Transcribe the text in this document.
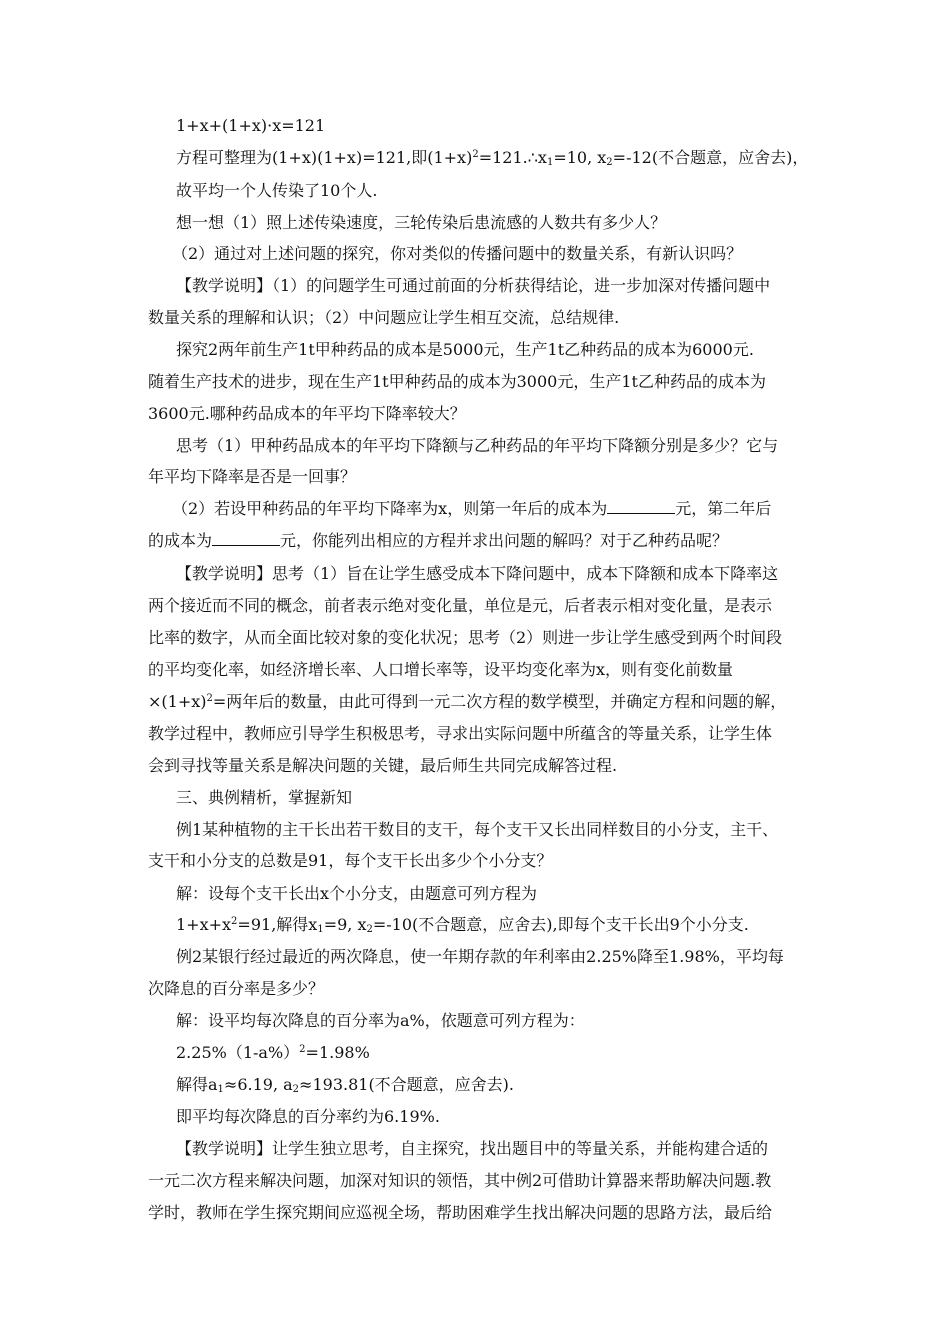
1+x+(1+x)·x=121
方程可整理为(1+x)(1+x)=121,即$(1+x)^2=121.\therefore x_1=10$, $x_2=-12$(不合题意，应舍去)，
故平均一个人传染了10个人.
想一想（1）照上述传染速度，三轮传染后患流感的人数共有多少人？
（2）通过对上述问题的探究，你对类似的传播问题中的数量关系，有新认识吗？
【教学说明】（1）的问题学生可通过前面的分析获得结论，进一步加深对传播问题中
数量关系的理解和认识；（2）中问题应让学生相互交流，总结规律.
探究2两年前生产1t甲种药品的成本是5000元，生产1t乙种药品的成本为6000元.
随着生产技术的进步，现在生产1t甲种药品的成本为3000元，生产1t乙种药品的成本为
3600元.哪种药品成本的年平均下降率较大？
思考（1）甲种药品成本的年平均下降额与乙种药品的年平均下降额分别是多少？它与
年平均下降率是否是一回事？
（2）若设甲种药品的年平均下降率为x，则第一年后的成本为	元，第二年后
的成本为	元，你能列出相应的方程并求出问题的解吗？对于乙种药品呢？
【教学说明】思考（1）旨在让学生感受成本下降问题中，成本下降额和成本下降率这
两个接近而不同的概念，前者表示绝对变化量，单位是元，后者表示相对变化量，是表示
比率的数字，从而全面比较对象的变化状况；思考（2）则进一步让学生感受到两个时间段
的平均变化率，如经济增长率、人口增长率等，设平均变化率为x，则有变化前数量
$\times(1+x)^2=$两年后的数量，由此可得到一元二次方程的数学模型，并确定方程和问题的解，
教学过程中，教师应引导学生积极思考，寻求出实际问题中所蕴含的等量关系，让学生体
会到寻找等量关系是解决问题的关键，最后师生共同完成解答过程.
三、典例精析，掌握新知
例1某种植物的主干长出若干数目的支干，每个支干又长出同样数目的小分支，主干、
支干和小分支的总数是91，每个支干长出多少个小分支？
解：设每个支干长出x个小分支，由题意可列方程为
$1+x+x^2=91$,解得$x_1=9$, $x_2=-10$(不合题意，应舍去),即每个支干长出9个小分支.
例2某银行经过最近的两次降息，使一年期存款的年利率由2.25%降至1.98%，平均每
次降息的百分率是多少？
解：设平均每次降息的百分率为a%，依题意可列方程为：
$2.25\%(1-a\%)^2=1.98\%$
解得$a_1\approx 6.19$, $a_2\approx 193.81$(不合题意，应舍去).
即平均每次降息的百分率约为6.19%.
【教学说明】让学生独立思考，自主探究，找出题目中的等量关系，并能构建合适的
一元二次方程来解决问题，加深对知识的领悟，其中例2可借助计算器来帮助解决问题.教
学时，教师在学生探究期间应巡视全场，帮助困难学生找出解决问题的思路方法，最后给
